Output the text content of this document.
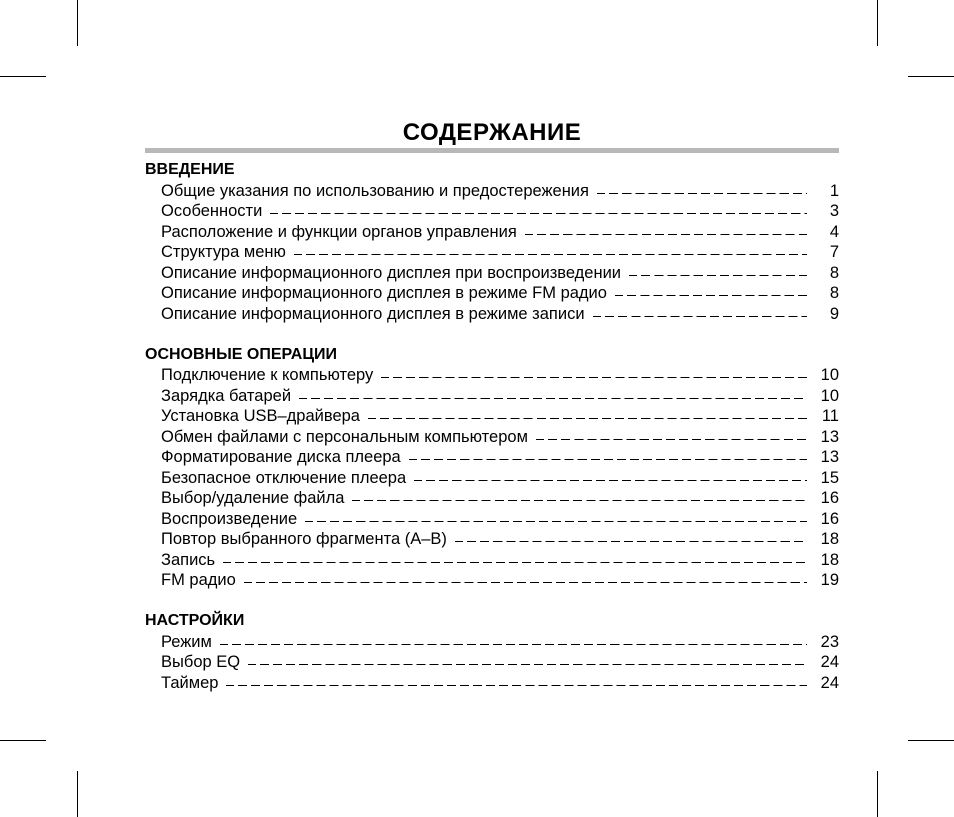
СОДЕРЖАНИЕ
ВВЕДЕНИЕ
Общие указания по использованию и предостережения	1
Особенности	3
Расположение и функции органов управления	4
Структура меню	7
Описание информационного дисплея при воспроизведении	8
Описание информационного дисплея в режиме FM радио	8
Описание информационного дисплея в режиме записи	9
ОСНОВНЫЕ ОПЕРАЦИИ
Подключение к компьютеру	10
Зарядка батарей	10
Установка USB–драйвера	11
Обмен файлами с персональным компьютером	13
Форматирование диска плеера	13
Безопасное отключение плеера	15
Выбор/удаление файла	16
Воспроизведение	16
Повтор выбранного фрагмента (A–B)	18
Запись	18
FM радио	19
НАСТРОЙКИ
Режим	23
Выбор EQ	24
Таймер	24
